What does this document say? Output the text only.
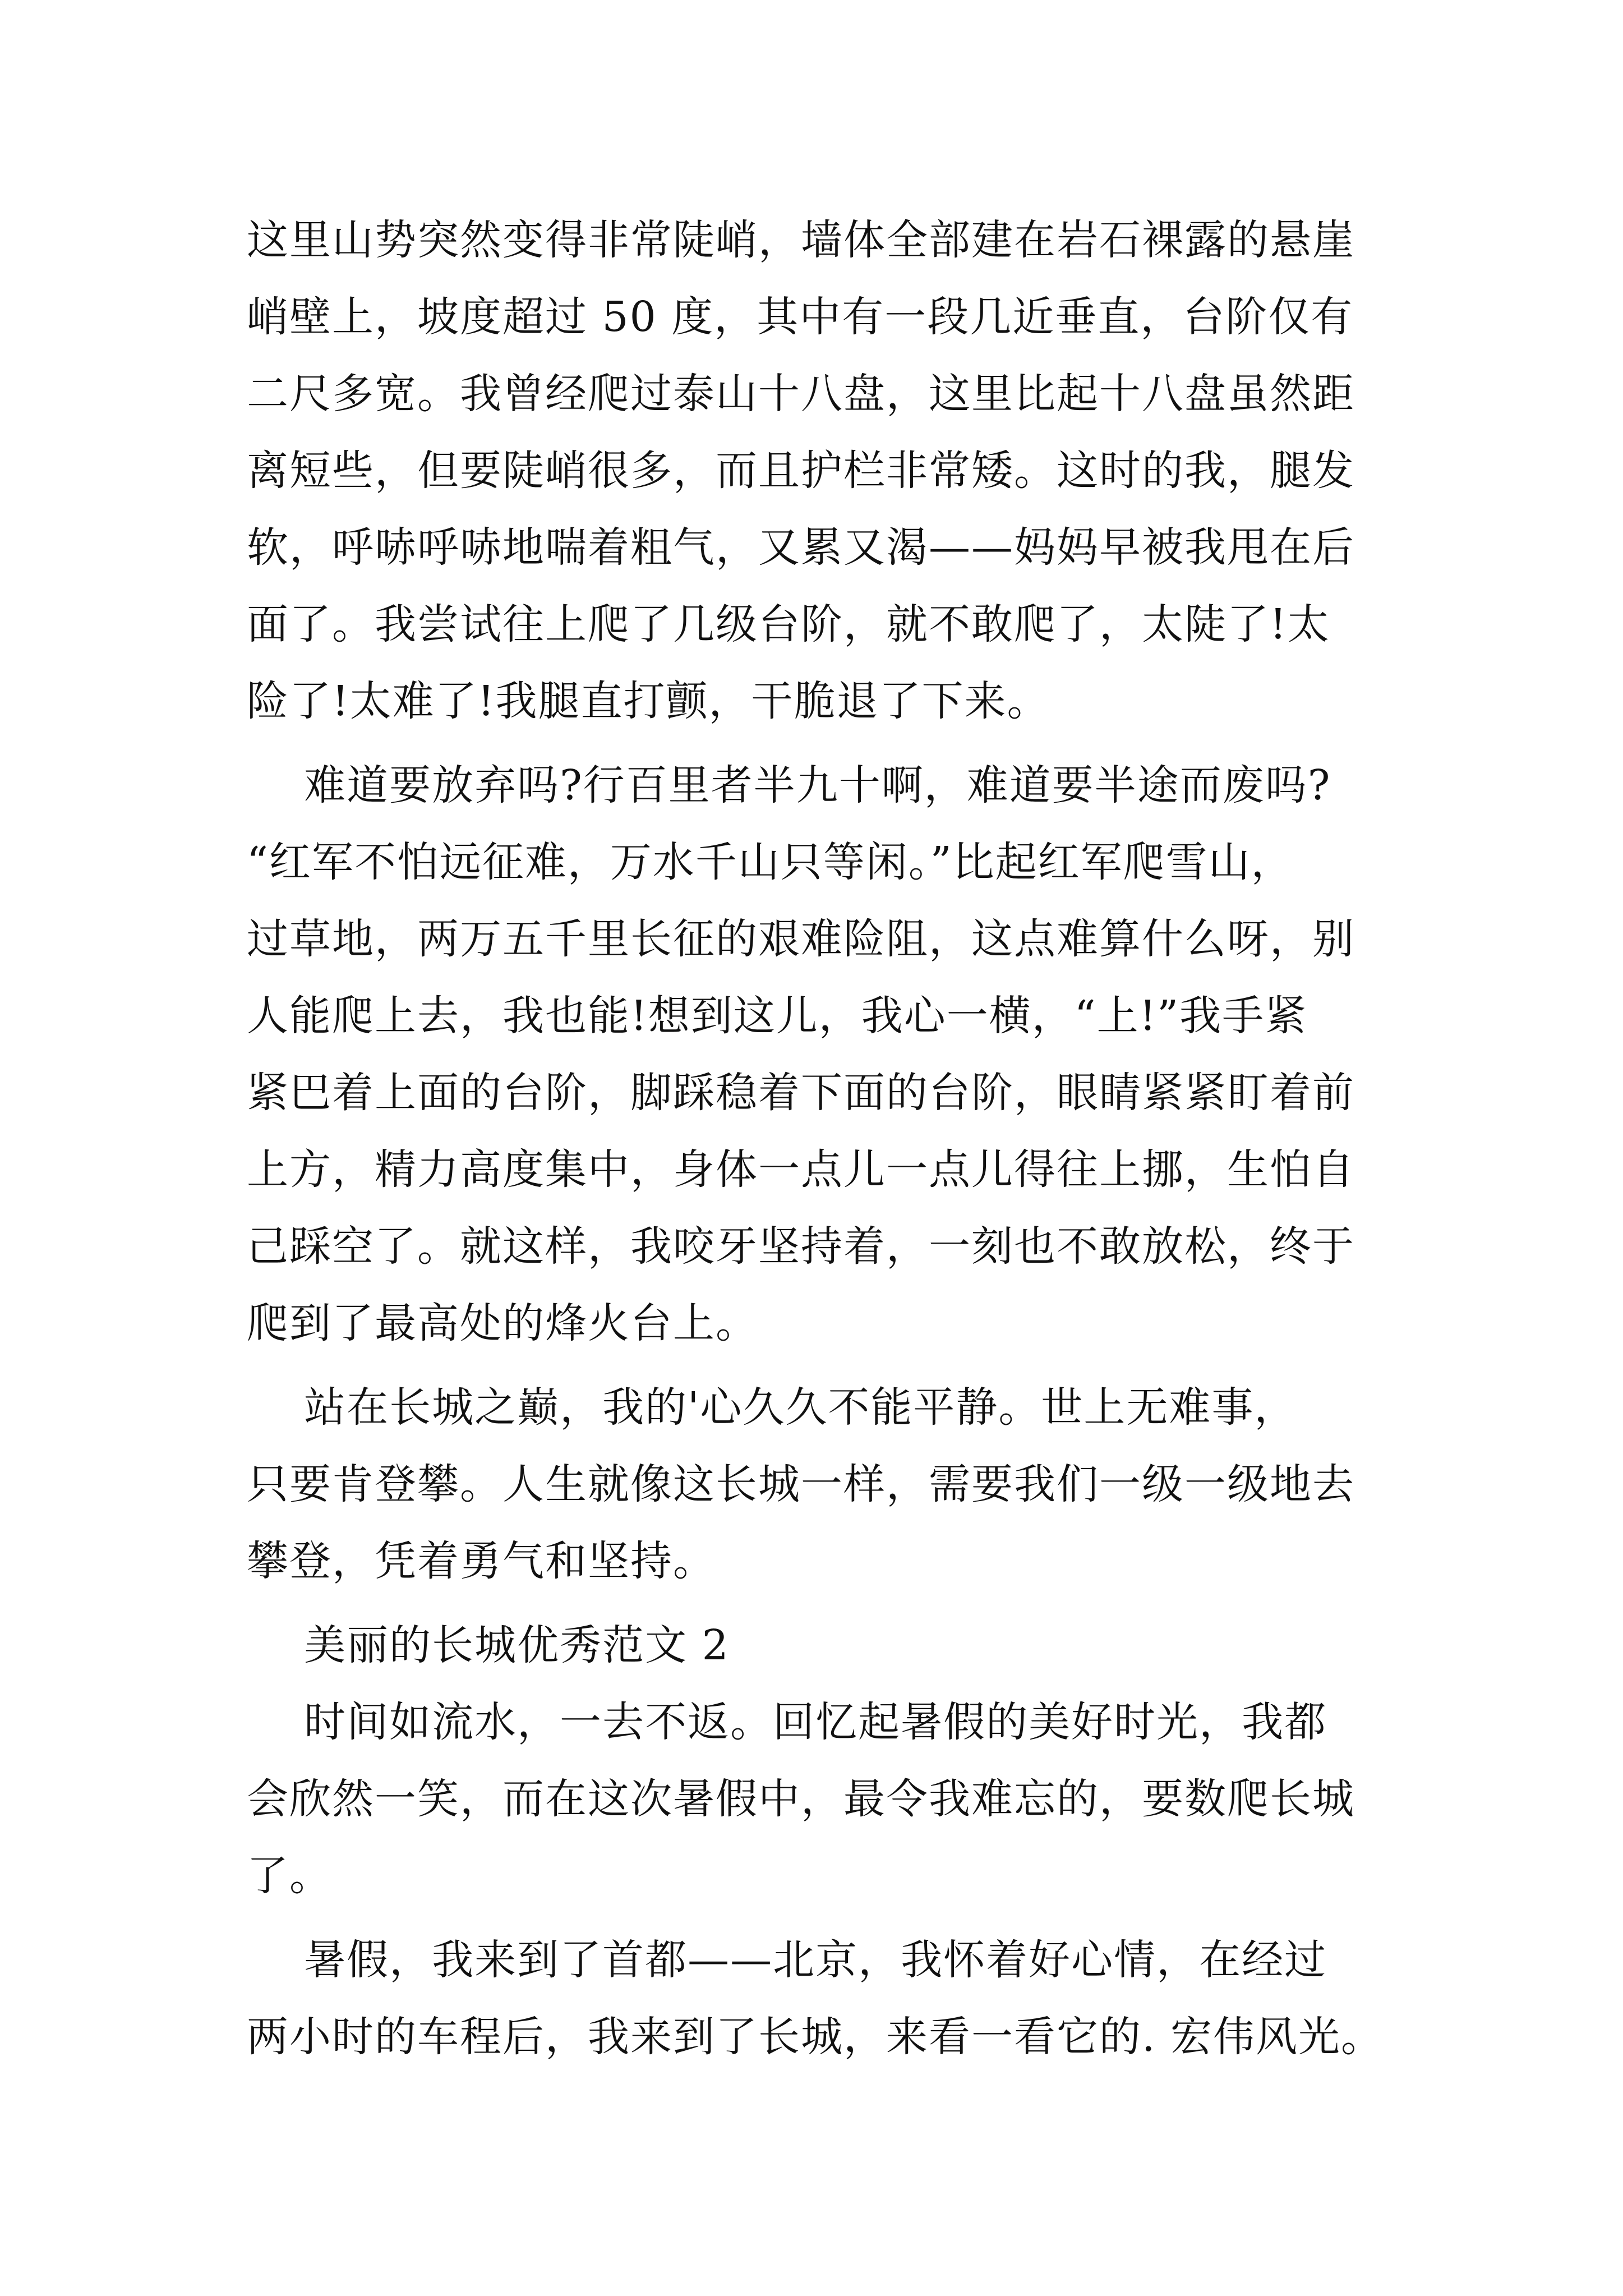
这里山势突然变得非常陡峭，墙体全部建在岩石裸露的悬崖
峭壁上，坡度超过 50 度，其中有一段几近垂直，台阶仅有
二尺多宽。我曾经爬过泰山十八盘，这里比起十八盘虽然距
离短些，但要陡峭很多，而且护栏非常矮。这时的我，腿发
软，呼哧呼哧地喘着粗气，又累又渴——妈妈早被我甩在后
面了。我尝试往上爬了几级台阶，就不敢爬了，太陡了!太
险了!太难了!我腿直打颤，干脆退了下来。
难道要放弃吗?行百里者半九十啊，难道要半途而废吗?
“红军不怕远征难，万水千山只等闲。”比起红军爬雪山，
过草地，两万五千里长征的艰难险阻，这点难算什么呀，别
人能爬上去，我也能!想到这儿，我心一横，“上!”我手紧
紧巴着上面的台阶，脚踩稳着下面的台阶，眼睛紧紧盯着前
上方，精力高度集中，身体一点儿一点儿得往上挪，生怕自
己踩空了。就这样，我咬牙坚持着，一刻也不敢放松，终于
爬到了最高处的烽火台上。
站在长城之巅，我的'心久久不能平静。世上无难事，
只要肯登攀。人生就像这长城一样，需要我们一级一级地去
攀登，凭着勇气和坚持。
美丽的长城优秀范文 2
时间如流水，一去不返。回忆起暑假的美好时光，我都
会欣然一笑，而在这次暑假中，最令我难忘的，要数爬长城
了。
暑假，我来到了首都——北京，我怀着好心情，在经过
两小时的车程后，我来到了长城，来看一看它的. 宏伟风光。
